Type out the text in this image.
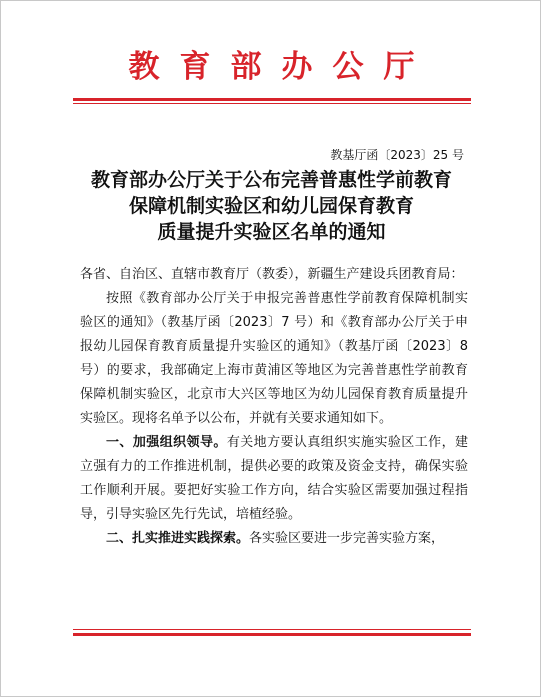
教育部办公厅
教基厅函〔2023〕25 号
教育部办公厅关于公布完善普惠性学前教育
保障机制实验区和幼儿园保育教育
质量提升实验区名单的通知

各省、自治区、直辖市教育厅（教委），新疆生产建设兵团教育局：

按照《教育部办公厅关于申报完善普惠性学前教育保障机制实验区的通知》（教基厅函〔2023〕7 号）和《教育部办公厅关于申报幼儿园保育教育质量提升实验区的通知》（教基厅函〔2023〕8 号）的要求，我部确定上海市黄浦区等地区为完善普惠性学前教育保障机制实验区，北京市大兴区等地区为幼儿园保育教育质量提升实验区。现将名单予以公布，并就有关要求通知如下。

一、加强组织领导。有关地方要认真组织实施实验区工作，建立强有力的工作推进机制，提供必要的政策及资金支持，确保实验工作顺利开展。要把好实验工作方向，结合实验区需要加强过程指导，引导实验区先行先试，培植经验。

二、扎实推进实践探索。各实验区要进一步完善实验方案，
